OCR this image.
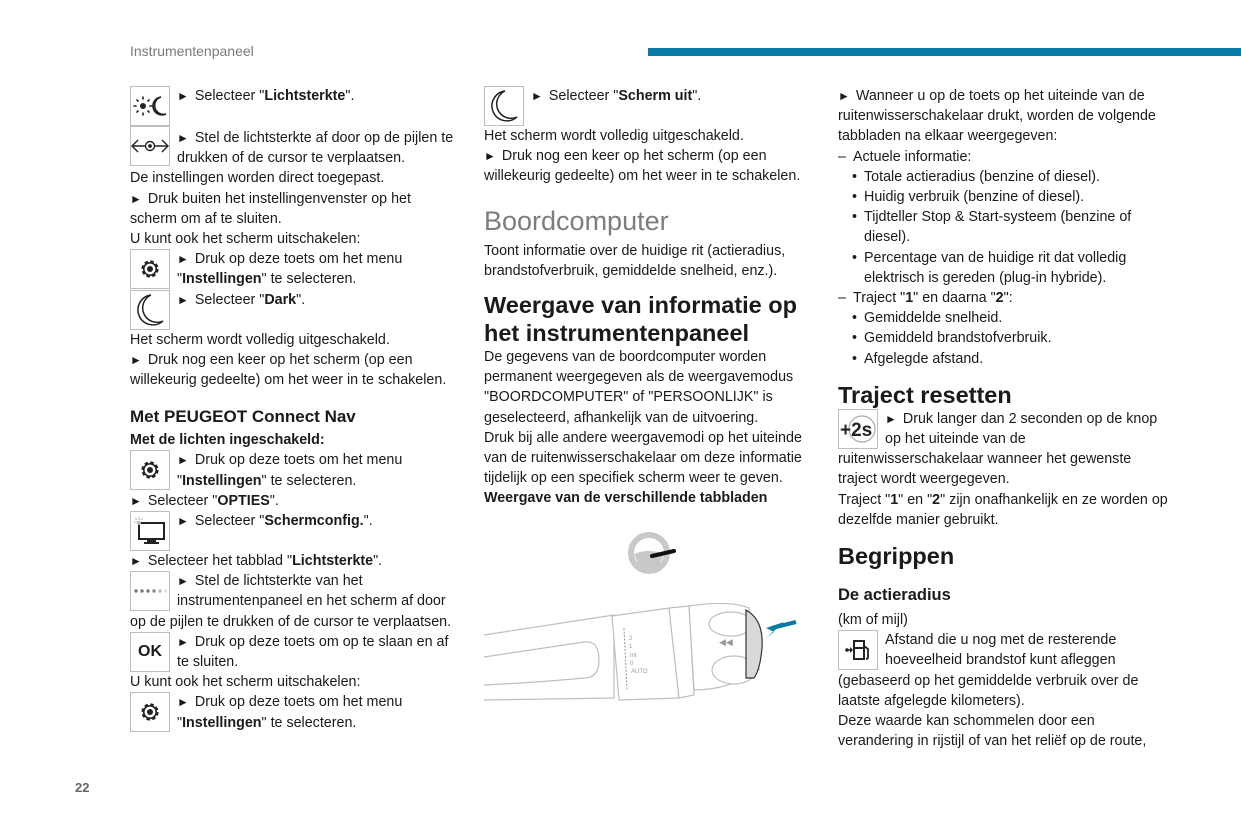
Instrumentenpaneel
22
► Selecteer "Lichtsterkte".
► Stel de lichtsterkte af door op de pijlen te
drukken of de cursor te verplaatsen.
De instellingen worden direct toegepast.
► Druk buiten het instellingenvenster op het
scherm om af te sluiten.
U kunt ook het scherm uitschakelen:
► Druk op deze toets om het menu
"Instellingen" te selecteren.
► Selecteer "Dark".
Het scherm wordt volledig uitgeschakeld.
► Druk nog een keer op het scherm (op een
willekeurig gedeelte) om het weer in te schakelen.
Met PEUGEOT Connect Nav
Met de lichten ingeschakeld:
► Druk op deze toets om het menu
"Instellingen" te selecteren.
► Selecteer "OPTIES".
► Selecteer "Schermconfig.".
► Selecteer het tabblad "Lichtsterkte".
► Stel de lichtsterkte van het
instrumentenpaneel en het scherm af door
op de pijlen te drukken of de cursor te verplaatsen.
OK
► Druk op deze toets om op te slaan en af
te sluiten.
U kunt ook het scherm uitschakelen:
► Druk op deze toets om het menu
"Instellingen" te selecteren.
► Selecteer "Scherm uit".
Het scherm wordt volledig uitgeschakeld.
► Druk nog een keer op het scherm (op een
willekeurig gedeelte) om het weer in te schakelen.
Boordcomputer
Toont informatie over de huidige rit (actieradius,
brandstofverbruik, gemiddelde snelheid, enz.).
Weergave van informatie op
het instrumentenpaneel
De gegevens van de boordcomputer worden
permanent weergegeven als de weergavemodus
"BOORDCOMPUTER" of "PERSOONLIJK" is
geselecteerd, afhankelijk van de uitvoering.
Druk bij alle andere weergavemodi op het uiteinde
van de ruitenwisserschakelaar om deze informatie
tijdelijk op een specifiek scherm weer te geven.
Weergave van de verschillende tabbladen
2
1
Int
0
AUTO
◀◀
► Wanneer u op de toets op het uiteinde van de
ruitenwisserschakelaar drukt, worden de volgende
tabbladen na elkaar weergegeven:
– Actuele informatie:
• Totale actieradius (benzine of diesel).
• Huidig verbruik (benzine of diesel).
• Tijdteller Stop & Start-systeem (benzine of
diesel).
• Percentage van de huidige rit dat volledig
elektrisch is gereden (plug-in hybride).
– Traject "1" en daarna "2":
• Gemiddelde snelheid.
• Gemiddeld brandstofverbruik.
• Afgelegde afstand.
Traject resetten
+2s
► Druk langer dan 2 seconden op de knop
op het uiteinde van de
ruitenwisserschakelaar wanneer het gewenste
traject wordt weergegeven.
Traject "1" en "2" zijn onafhankelijk en ze worden op
dezelfde manier gebruikt.
Begrippen
De actieradius
(km of mijl)
Afstand die u nog met de resterende
hoeveelheid brandstof kunt afleggen
(gebaseerd op het gemiddelde verbruik over de
laatste afgelegde kilometers).
Deze waarde kan schommelen door een
verandering in rijstijl of van het reliëf op de route,
